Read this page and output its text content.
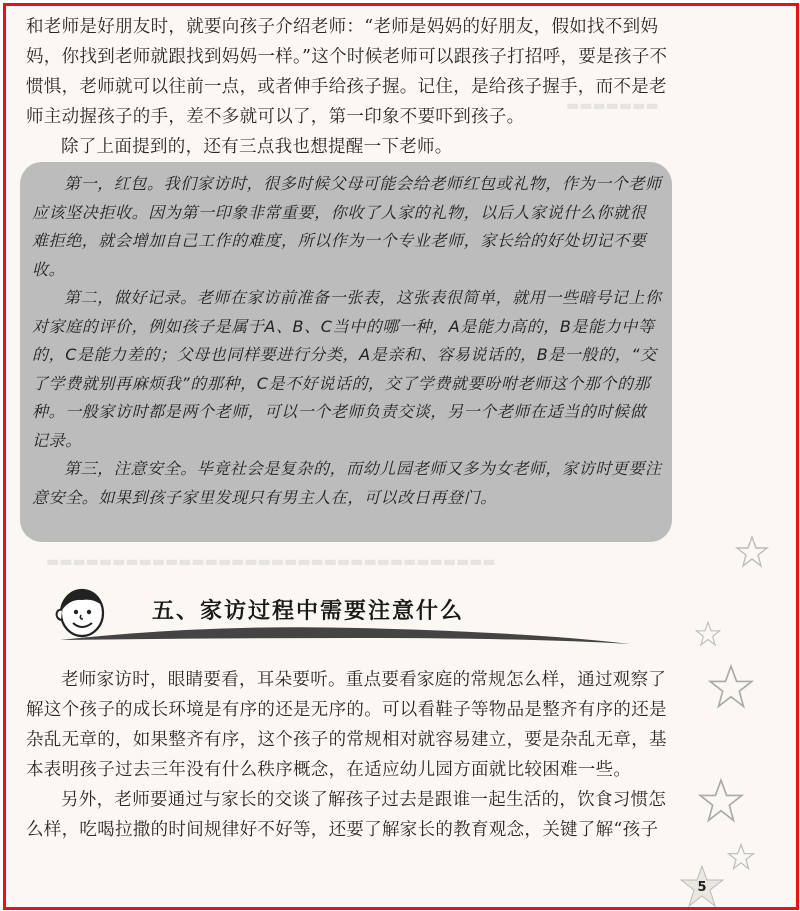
▬▬▬▬▬▬▬
▬▬▬▬▬▬▬▬▬▬▬▬▬▬▬▬▬▬▬▬▬▬▬▬▬▬▬▬▬▬▬▬▬▬

和老师是好朋友时，就要向孩子介绍老师：“老师是妈妈的好朋友，假如找不到妈妈，你找到老师就跟找到妈妈一样。”这个时候老师可以跟孩子打招呼，要是孩子不惯惧，老师就可以往前一点，或者伸手给孩子握。记住，是给孩子握手，而不是老师主动握孩子的手，差不多就可以了，第一印象不要吓到孩子。

除了上面提到的，还有三点我也想提醒一下老师。

第一，红包。我们家访时，很多时候父母可能会给老师红包或礼物，作为一个老师应该坚决拒收。因为第一印象非常重要，你收了人家的礼物，以后人家说什么你就很难拒绝，就会增加自己工作的难度，所以作为一个专业老师，家长给的好处切记不要收。

第二，做好记录。老师在家访前准备一张表，这张表很简单，就用一些暗号记上你对家庭的评价，例如孩子是属于A、B、C当中的哪一种，A是能力高的，B是能力中等的，C是能力差的；父母也同样要进行分类，A是亲和、容易说话的，B是一般的，“交了学费就别再麻烦我”的那种，C是不好说话的，交了学费就要吩咐老师这个那个的那种。一般家访时都是两个老师，可以一个老师负责交谈，另一个老师在适当的时候做记录。

第三，注意安全。毕竟社会是复杂的，而幼儿园老师又多为女老师，家访时更要注意安全。如果到孩子家里发现只有男主人在，可以改日再登门。

五、家访过程中需要注意什么

老师家访时，眼睛要看，耳朵要听。重点要看家庭的常规怎么样，通过观察了解这个孩子的成长环境是有序的还是无序的。可以看鞋子等物品是整齐有序的还是杂乱无章的，如果整齐有序，这个孩子的常规相对就容易建立，要是杂乱无章，基本表明孩子过去三年没有什么秩序概念，在适应幼儿园方面就比较困难一些。

另外，老师要通过与家长的交谈了解孩子过去是跟谁一起生活的，饮食习惯怎么样，吃喝拉撒的时间规律好不好等，还要了解家长的教育观念，关键了解“孩子

5
